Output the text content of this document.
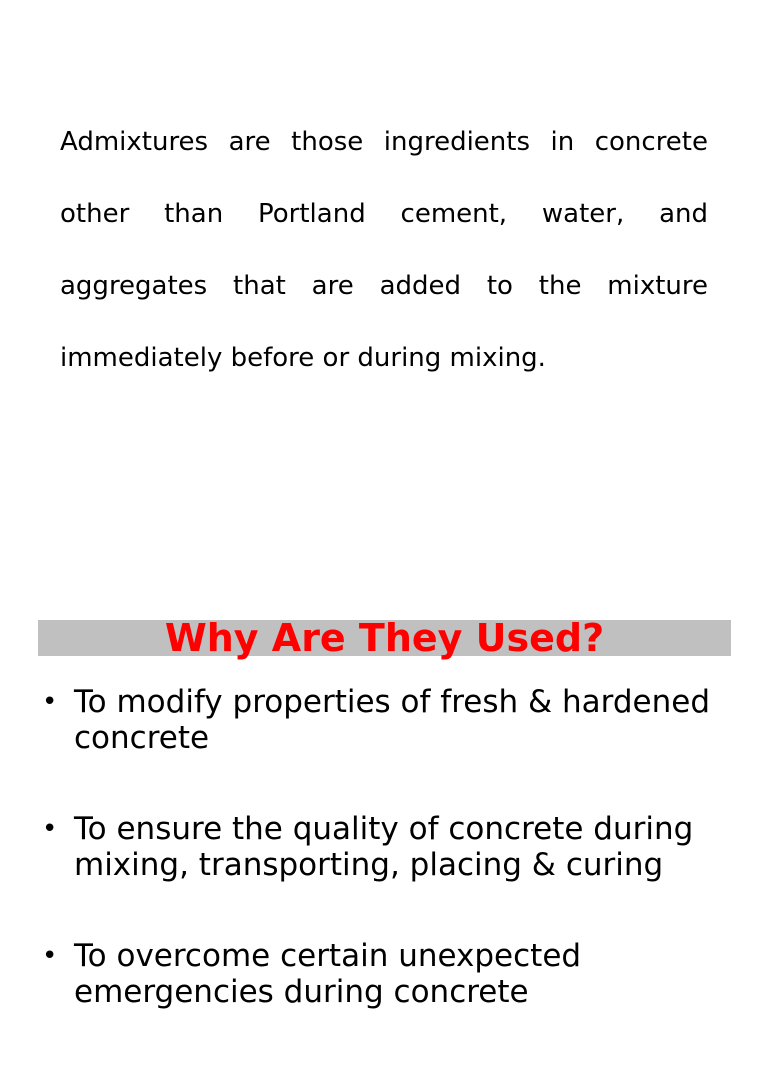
Admixtures are those ingredients in concrete other than Portland cement, water, and aggregates that are added to the mixture immediately before or during mixing.

Why Are They Used?
• To modify properties of fresh & hardened concrete
• To ensure the quality of concrete during mixing, transporting, placing & curing
• To overcome certain unexpected emergencies during concrete
